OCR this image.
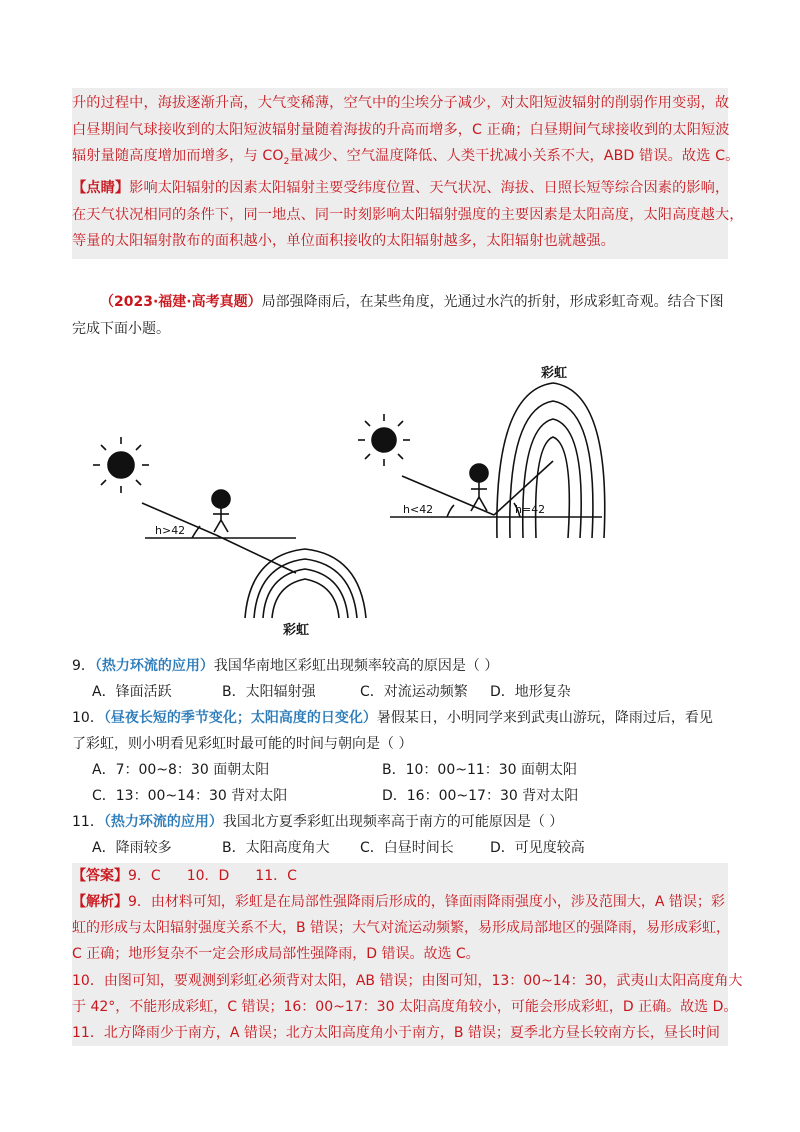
升的过程中，海拔逐渐升高，大气变稀薄，空气中的尘埃分子减少，对太阳短波辐射的削弱作用变弱，故

白昼期间气球接收到的太阳短波辐射量随着海拔的升高而增多，C 正确；白昼期间气球接收到的太阳短波

辐射量随高度增加而增多，与 $CO_2$量减少、空气温度降低、人类干扰减小关系不大，ABD 错误。故选 C。

【点睛】影响太阳辐射的因素太阳辐射主要受纬度位置、天气状况、海拔、日照长短等综合因素的影响，

在天气状况相同的条件下，同一地点、同一时刻影响太阳辐射强度的主要因素是太阳高度，太阳高度越大，

等量的太阳辐射散布的面积越小，单位面积接收的太阳辐射越多，太阳辐射也就越强。

（2023·福建·高考真题）局部强降雨后，在某些角度，光通过水汽的折射，形成彩虹奇观。结合下图
完成下面小题。
h>42
彩虹
h<42	h=42
彩虹

9．（热力环流的应用）我国华南地区彩虹出现频率较高的原因是（ ）

A．锋面活跃	B．太阳辐射强	C．对流运动频繁	D．地形复杂

10．（昼夜长短的季节变化；太阳高度的日变化）暑假某日，小明同学来到武夷山游玩，降雨过后，看见

了彩虹，则小明看见彩虹时最可能的时间与朝向是（ ）

A．7：00~8：30 面朝太阳	B．10：00~11：30 面朝太阳
C．13：00~14：30 背对太阳	D．16：00~17：30 背对太阳

11．（热力环流的应用）我国北方夏季彩虹出现频率高于南方的可能原因是（ ）

A．降雨较多	B．太阳高度角大	C．白昼时间长	D．可见度较高

【答案】9．C 10．D 11．C

【解析】9．由材料可知，彩虹是在局部性强降雨后形成的，锋面雨降雨强度小，涉及范围大，A 错误；彩

虹的形成与太阳辐射强度关系不大，B 错误；大气对流运动频繁，易形成局部地区的强降雨，易形成彩虹，

C 正确；地形复杂不一定会形成局部性强降雨，D 错误。故选 C。

10．由图可知，要观测到彩虹必须背对太阳，AB 错误；由图可知，13：00~14：30，武夷山太阳高度角大

于 42°，不能形成彩虹，C 错误；16：00~17：30 太阳高度角较小，可能会形成彩虹，D 正确。故选 D。

11．北方降雨少于南方，A 错误；北方太阳高度角小于南方，B 错误；夏季北方昼长较南方长，昼长时间
